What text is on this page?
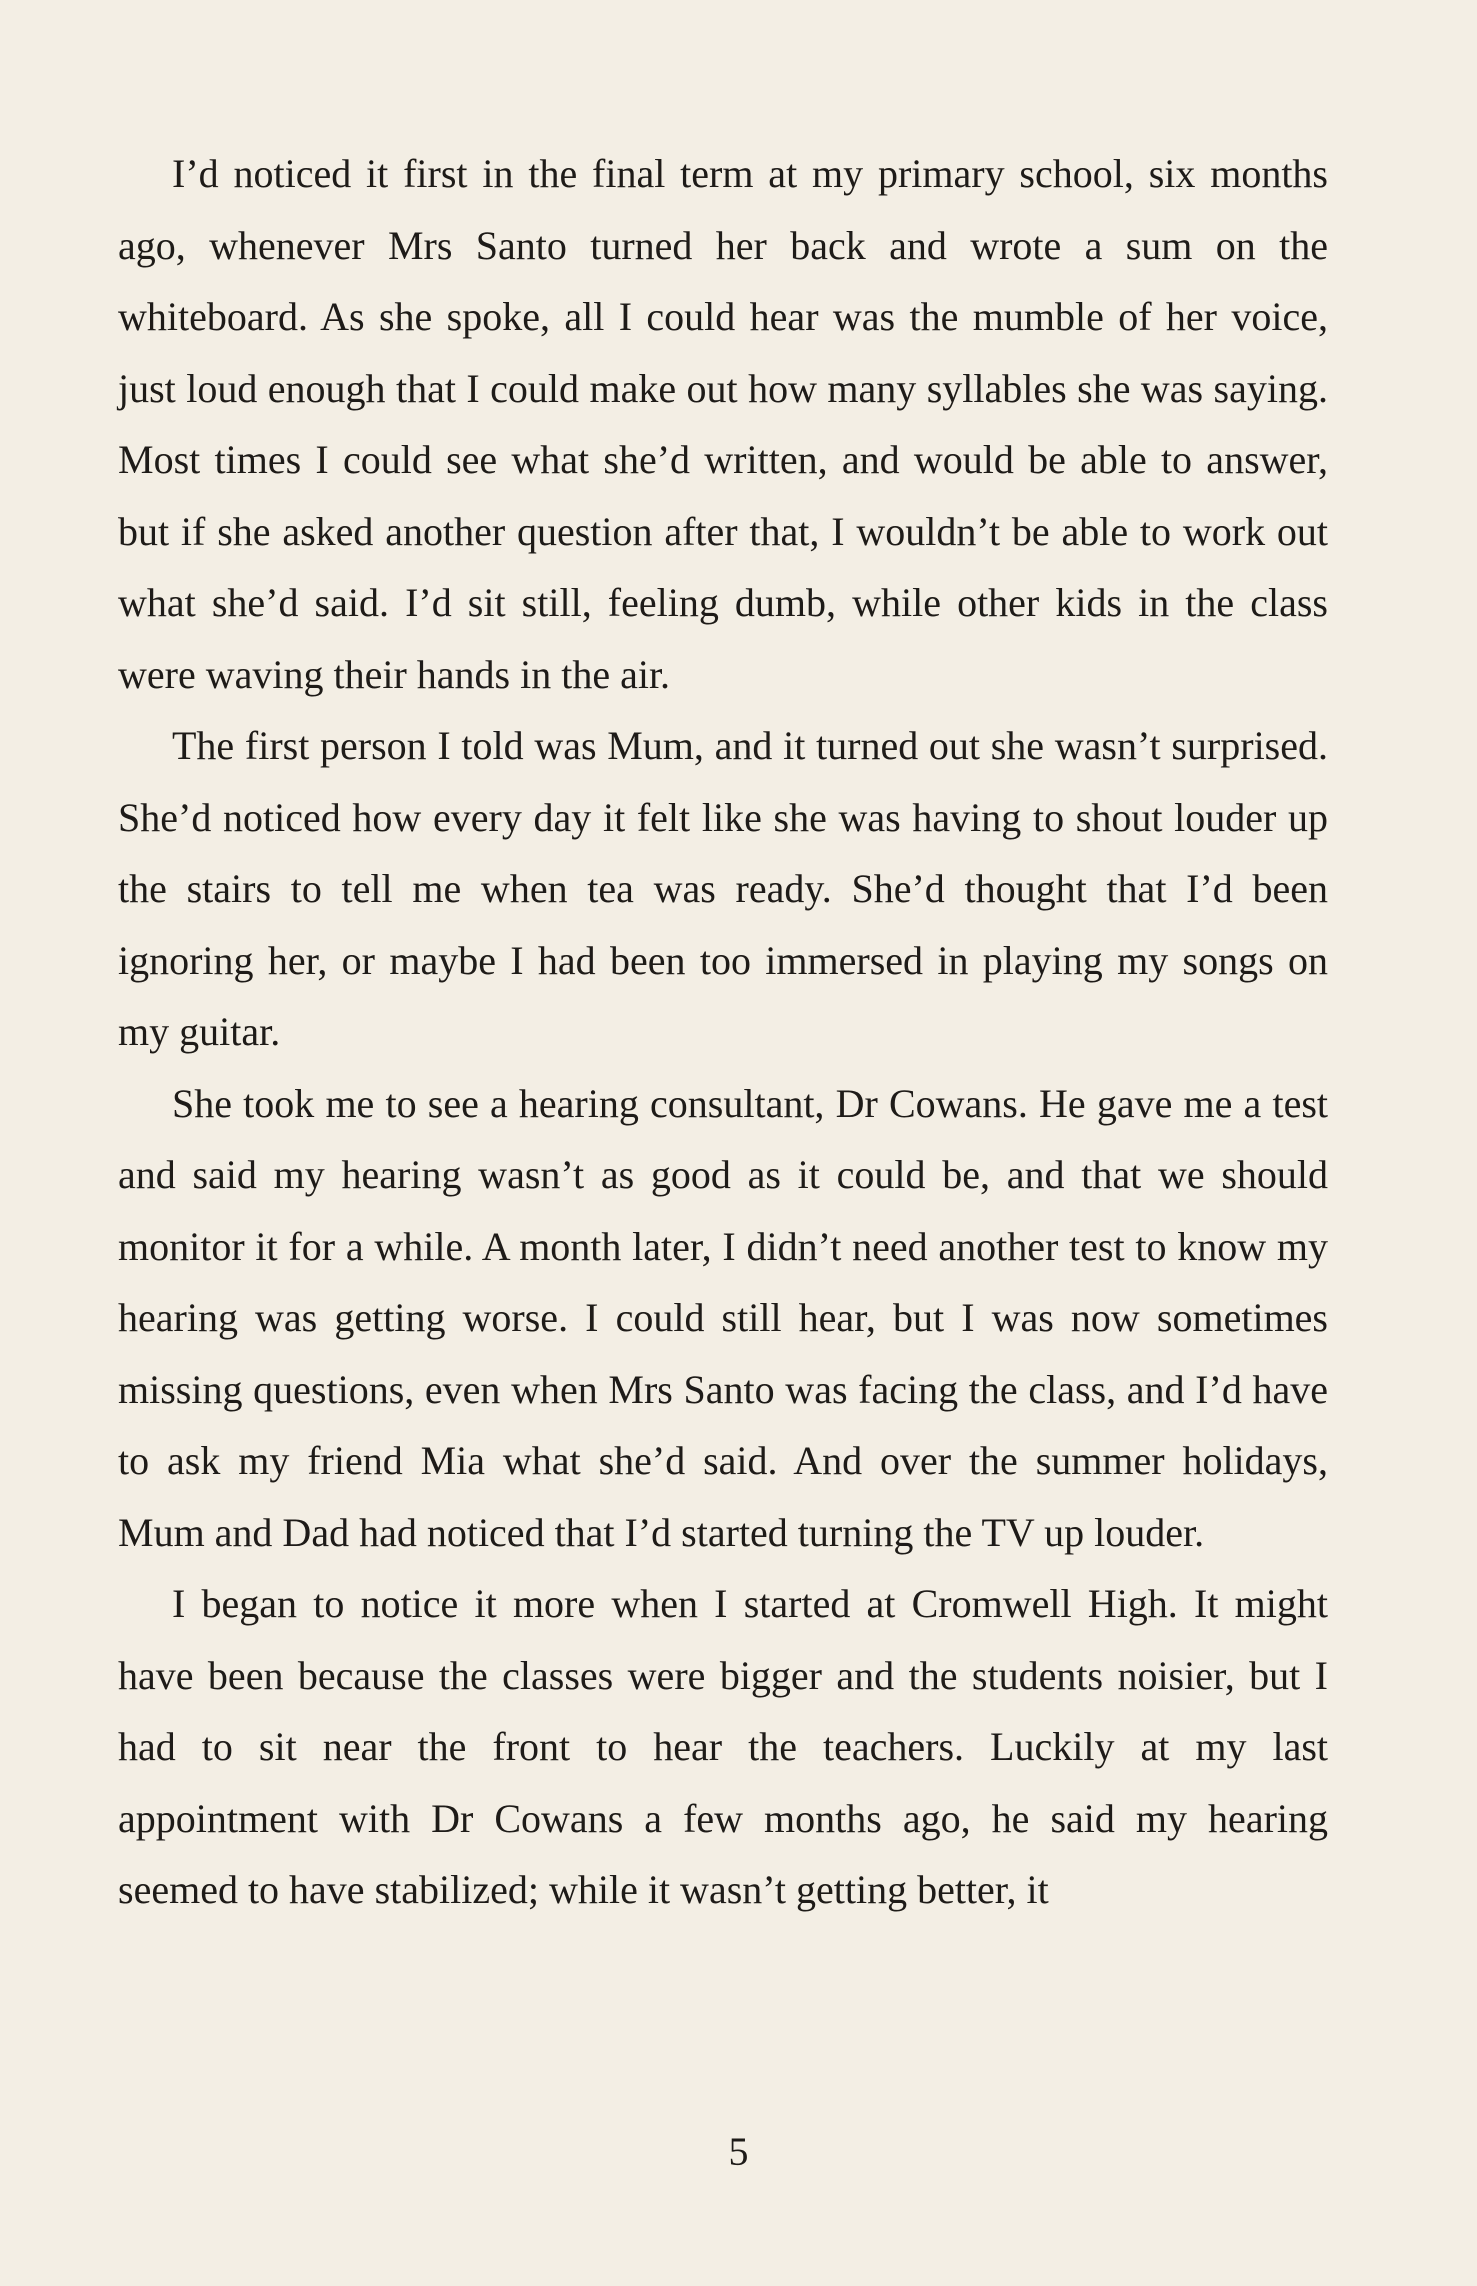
I’d noticed it first in the final term at my primary school, six months ago, whenever Mrs Santo turned her back and wrote a sum on the whiteboard. As she spoke, all I could hear was the mumble of her voice, just loud enough that I could make out how many syllables she was saying. Most times I could see what she’d written, and would be able to answer, but if she asked another question after that, I wouldn’t be able to work out what she’d said. I’d sit still, feeling dumb, while other kids in the class were waving their hands in the air.

The first person I told was Mum, and it turned out she wasn’t surprised. She’d noticed how every day it felt like she was having to shout louder up the stairs to tell me when tea was ready. She’d thought that I’d been ignoring her, or maybe I had been too immersed in playing my songs on my guitar.

She took me to see a hearing consultant, Dr Cowans. He gave me a test and said my hearing wasn’t as good as it could be, and that we should monitor it for a while. A month later, I didn’t need another test to know my hearing was getting worse. I could still hear, but I was now sometimes missing questions, even when Mrs Santo was facing the class, and I’d have to ask my friend Mia what she’d said. And over the summer holidays, Mum and Dad had noticed that I’d started turning the TV up louder.

I began to notice it more when I started at Cromwell High. It might have been because the classes were bigger and the students noisier, but I had to sit near the front to hear the teachers. Luckily at my last appointment with Dr Cowans a few months ago, he said my hearing seemed to have stabilized; while it wasn’t getting better, it

5
